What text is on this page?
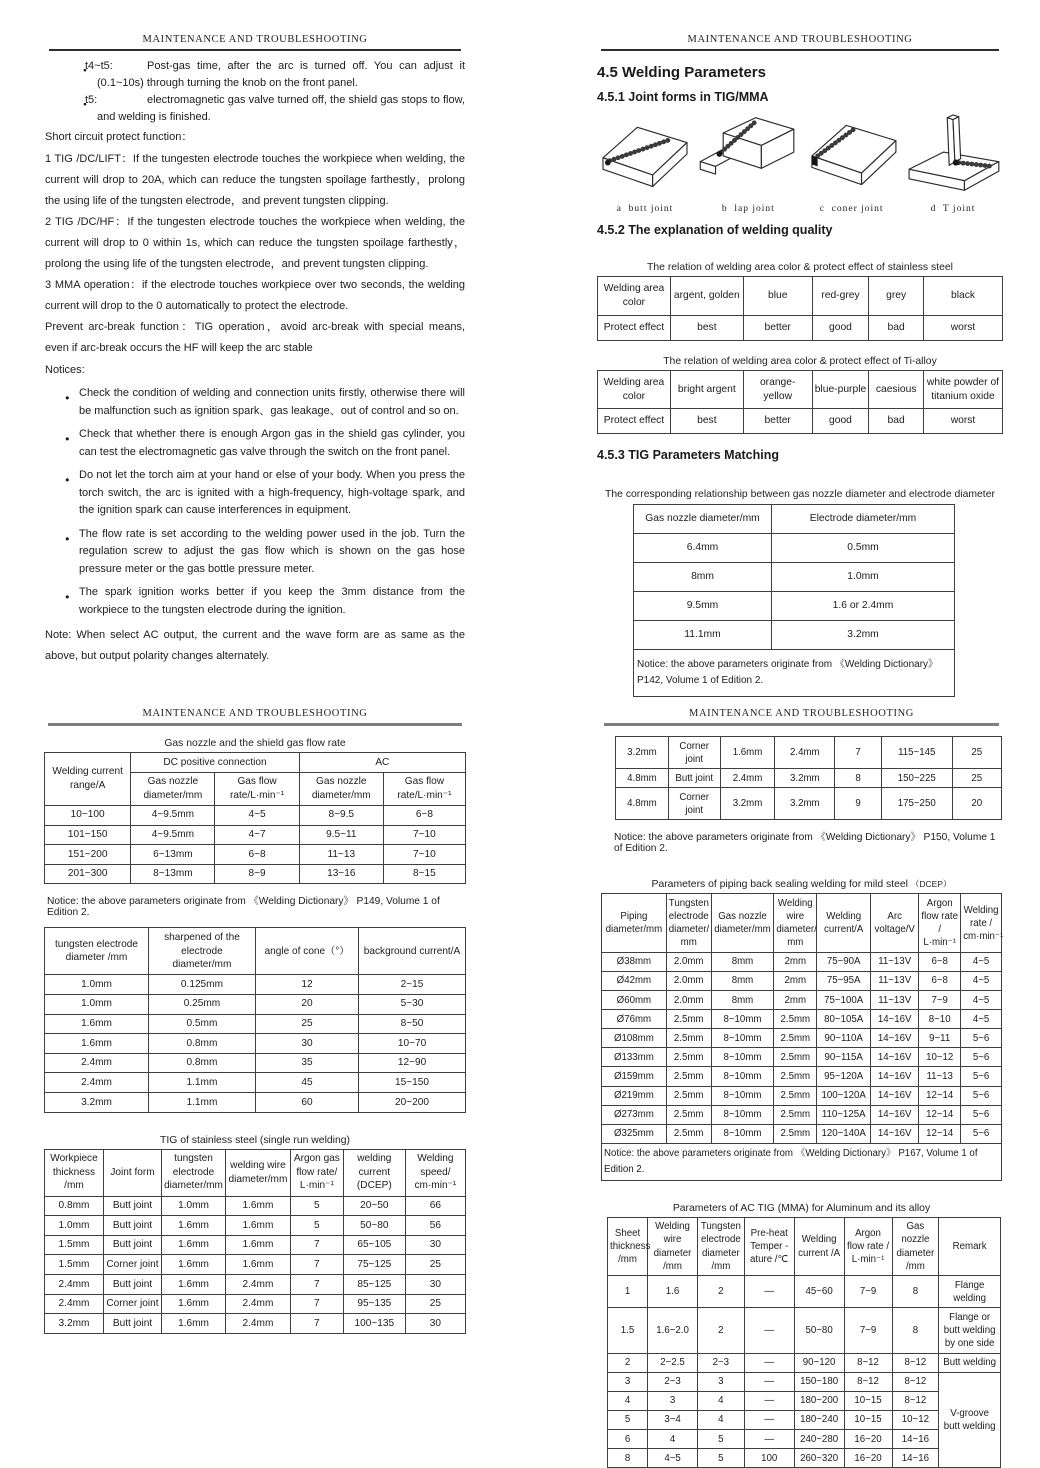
MAINTENANCE AND TROUBLESHOOTING
● t4~t5:	Post-gas time, after the arc is turned off. You can adjust it (0.1~10s) through turning the knob on the front panel.
● t5:	electromagnetic gas valve turned off, the shield gas stops to flow, and welding is finished.
Short circuit protect function：
1 TIG /DC/LIFT：If the tungesten electrode touches the workpiece when welding, the current will drop to 20A, which can reduce the tungsten spoilage farthestly，prolong the using life of the tungsten electrode，and prevent tungsten clipping.
2 TIG /DC/HF：If the tungesten electrode touches the workpiece when welding, the current will drop to 0 within 1s, which can reduce the tungsten spoilage farthestly，prolong the using life of the tungsten electrode，and prevent tungsten clipping.
3 MMA operation：if the electrode touches workpiece over two seconds, the welding current will drop to the 0 automatically to protect the electrode.
Prevent arc-break function：TIG operation，avoid arc-break with special means, even if arc-break occurs the HF will keep the arc stable
Notices:
● Check the condition of welding and connection units firstly, otherwise there will be malfunction such as ignition spark、gas leakage、out of control and so on.
● Check that whether there is enough Argon gas in the shield gas cylinder, you can test the electromagnetic gas valve through the switch on the front panel.
● Do not let the torch aim at your hand or else of your body. When you press the torch switch, the arc is ignited with a high-frequency, high-voltage spark, and the ignition spark can cause interferences in equipment.
● The flow rate is set according to the welding power used in the job. Turn the regulation screw to adjust the gas flow which is shown on the gas hose pressure meter or the gas bottle pressure meter.
● The spark ignition works better if you keep the 3mm distance from the workpiece to the tungsten electrode during the ignition.
Note: When select AC output, the current and the wave form are as same as the above, but output polarity changes alternately.
MAINTENANCE AND TROUBLESHOOTING
4.5 Welding Parameters
4.5.1 Joint forms in TIG/MMA
a  butt joint	b  lap joint	c  coner joint	d  T joint
4.5.2 The explanation of welding quality
The relation of welding area color & protect effect of stainless steel
Welding area color	argent, golden	blue	red-grey	grey	black
Protect effect	best	better	good	bad	worst
The relation of welding area color & protect effect of Ti-alloy
Welding area color	bright argent	orange-yellow	blue-purple	caesious	white powder of titanium oxide
Protect effect	best	better	good	bad	worst
4.5.3 TIG Parameters Matching
The corresponding relationship between gas nozzle diameter and electrode diameter
Gas nozzle diameter/mm	Electrode diameter/mm
6.4mm	0.5mm
8mm	1.0mm
9.5mm	1.6 or 2.4mm
11.1mm	3.2mm
Notice: the above parameters originate from 《Welding Dictionary》 P142, Volume 1 of Edition 2.	
MAINTENANCE AND TROUBLESHOOTING
Gas nozzle and the shield gas flow rate
Welding current range/A	DC positive connection		AC	
	Gas nozzle diameter/mm	Gas flow rate/L·min⁻¹	Gas nozzle diameter/mm	Gas flow rate/L·min⁻¹
10~100	4~9.5mm	4~5	8~9.5	6~8
101~150	4~9.5mm	4~7	9.5~11	7~10
151~200	6~13mm	6~8	11~13	7~10
201~300	8~13mm	8~9	13~16	8~15
Notice: the above parameters originate from 《Welding Dictionary》 P149, Volume 1 of Edition 2.
tungsten electrode diameter /mm	sharpened of the electrode diameter/mm	angle of cone（°）	background current/A
1.0mm	0.125mm	12	2~15
1.0mm	0.25mm	20	5~30
1.6mm	0.5mm	25	8~50
1.6mm	0.8mm	30	10~70
2.4mm	0.8mm	35	12~90
2.4mm	1.1mm	45	15~150
3.2mm	1.1mm	60	20~200
TIG of stainless steel (single run welding)
Workpiece thickness /mm	Joint form	tungsten electrode diameter/mm	welding wire diameter/mm	Argon gas flow rate/ L·min⁻¹	welding current (DCEP)	Welding speed/ cm·min⁻¹
0.8mm	Butt joint	1.0mm	1.6mm	5	20~50	66
1.0mm	Butt joint	1.6mm	1.6mm	5	50~80	56
1.5mm	Butt joint	1.6mm	1.6mm	7	65~105	30
1.5mm	Corner joint	1.6mm	1.6mm	7	75~125	25
2.4mm	Butt joint	1.6mm	2.4mm	7	85~125	30
2.4mm	Corner joint	1.6mm	2.4mm	7	95~135	25
3.2mm	Butt joint	1.6mm	2.4mm	7	100~135	30
MAINTENANCE AND TROUBLESHOOTING
3.2mm	Corner joint	1.6mm	2.4mm	7	115~145	25
4.8mm	Butt joint	2.4mm	3.2mm	8	150~225	25
4.8mm	Corner joint	3.2mm	3.2mm	9	175~250	20
Notice: the above parameters originate from 《Welding Dictionary》 P150, Volume 1 of Edition 2.
Parameters of piping back sealing welding for mild steel （DCEP）
Piping diameter/mm	Tungsten electrode diameter/ mm	Gas nozzle diameter/mm	Welding wire diameter/ mm	Welding current/A	Arc voltage/V	Argon flow rate / L·min⁻¹	Welding rate / cm·min⁻¹
Ø38mm	2.0mm	8mm	2mm	75~90A	11~13V	6~8	4~5
Ø42mm	2.0mm	8mm	2mm	75~95A	11~13V	6~8	4~5
Ø60mm	2.0mm	8mm	2mm	75~100A	11~13V	7~9	4~5
Ø76mm	2.5mm	8~10mm	2.5mm	80~105A	14~16V	8~10	4~5
Ø108mm	2.5mm	8~10mm	2.5mm	90~110A	14~16V	9~11	5~6
Ø133mm	2.5mm	8~10mm	2.5mm	90~115A	14~16V	10~12	5~6
Ø159mm	2.5mm	8~10mm	2.5mm	95~120A	14~16V	11~13	5~6
Ø219mm	2.5mm	8~10mm	2.5mm	100~120A	14~16V	12~14	5~6
Ø273mm	2.5mm	8~10mm	2.5mm	110~125A	14~16V	12~14	5~6
Ø325mm	2.5mm	8~10mm	2.5mm	120~140A	14~16V	12~14	5~6
Notice: the above parameters originate from 《Welding Dictionary》 P167, Volume 1 of Edition 2.							
Parameters of AC TIG (MMA) for Aluminum and its alloy
Sheet thickness /mm	Welding wire diameter /mm	Tungsten electrode diameter /mm	Pre-heat Temper -ature /℃	Welding current /A	Argon flow rate / L·min⁻¹	Gas nozzle diameter /mm	Remark
1	1.6	2	—	45~60	7~9	8	Flange welding
1.5	1.6~2.0	2	—	50~80	7~9	8	Flange or butt welding by one side
2	2~2.5	2~3	—	90~120	8~12	8~12	Butt welding
3	2~3	3	—	150~180	8~12	8~12	V-groove butt welding
4	3	4	—	180~200	10~15	8~12	
5	3~4	4	—	180~240	10~15	10~12	
6	4	5	—	240~280	16~20	14~16	
8	4~5	5	100	260~320	16~20	14~16	
